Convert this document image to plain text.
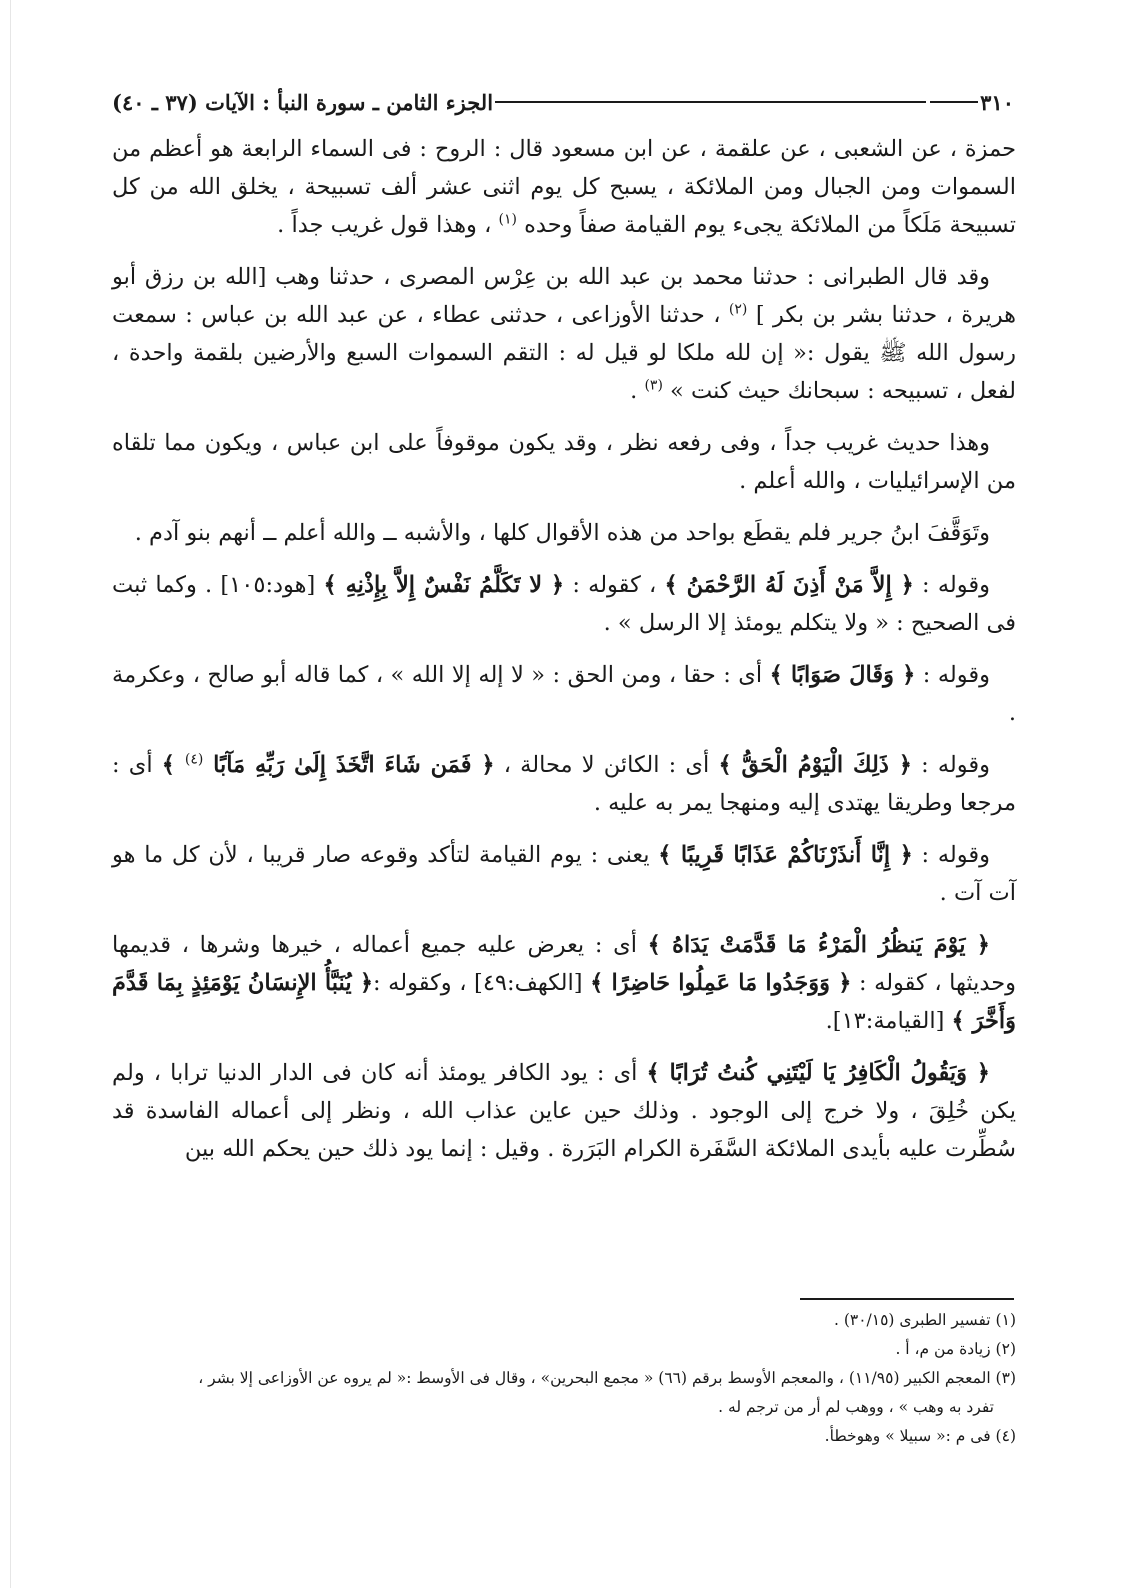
٣١٠
الجزء الثامن ـ سورة النبأ : الآيات (٣٧ ـ ٤٠)

حمزة ، عن الشعبى ، عن علقمة ، عن ابن مسعود قال : الروح : فى السماء الرابعة هو أعظم من السموات ومن الجبال ومن الملائكة ، يسبح كل يوم اثنى عشر ألف تسبيحة ، يخلق الله من كل تسبيحة مَلَكاً من الملائكة يجىء يوم القيامة صفاً وحده $^{(١)}$ ، وهذا قول غريب جداً .

وقد قال الطبرانى : حدثنا محمد بن عبد الله بن عِرْس المصرى ، حدثنا وهب [الله بن رزق أبو هريرة ، حدثنا بشر بن بكر ] $^{(٢)}$ ، حدثنا الأوزاعى ، حدثنى عطاء ، عن عبد الله بن عباس : سمعت رسول الله ﷺ يقول :« إن لله ملكا لو قيل له : التقم السموات السبع والأرضين بلقمة واحدة ، لفعل ، تسبيحه : سبحانك حيث كنت » $^{(٣)}$ .

وهذا حديث غريب جداً ، وفى رفعه نظر ، وقد يكون موقوفاً على ابن عباس ، ويكون مما تلقاه من الإسرائيليات ، والله أعلم .

وتَوَقَّفَ ابنُ جرير فلم يقطَع بواحد من هذه الأقوال كلها ، والأشبه ــ والله أعلم ــ أنهم بنو آدم .

وقوله : ﴿ إِلاَّ مَنْ أَذِنَ لَهُ الرَّحْمَنُ ﴾ ، كقوله : ﴿ لا تَكَلَّمُ نَفْسٌ إِلاَّ بِإِذْنِهِ ﴾ [هود:١٠٥] . وكما ثبت فى الصحيح : « ولا يتكلم يومئذ إلا الرسل » .

وقوله : ﴿ وَقَالَ صَوَابًا ﴾ أى : حقا ، ومن الحق : « لا إله إلا الله » ، كما قاله أبو صالح ، وعكرمة .

وقوله : ﴿ ذَلِكَ الْيَوْمُ الْحَقُّ ﴾ أى : الكائن لا محالة ، ﴿ فَمَن شَاءَ اتَّخَذَ إِلَىٰ رَبِّهِ مَآبًا $^{(٤)}$ ﴾ أى : مرجعا وطريقا يهتدى إليه ومنهجا يمر به عليه .

وقوله : ﴿ إِنَّا أَنذَرْنَاكُمْ عَذَابًا قَرِيبًا ﴾ يعنى : يوم القيامة لتأكد وقوعه صار قريبا ، لأن كل ما هو آت آت .

﴿ يَوْمَ يَنظُرُ الْمَرْءُ مَا قَدَّمَتْ يَدَاهُ ﴾ أى : يعرض عليه جميع أعماله ، خيرها وشرها ، قديمها وحديثها ، كقوله : ﴿ وَوَجَدُوا مَا عَمِلُوا حَاضِرًا ﴾ [الكهف:٤٩] ، وكقوله :﴿ يُنَبَّأُ الإِنسَانُ يَوْمَئِذٍ بِمَا قَدَّمَ وَأَخَّرَ ﴾ [القيامة:١٣].

﴿ وَيَقُولُ الْكَافِرُ يَا لَيْتَنِي كُنتُ تُرَابًا ﴾ أى : يود الكافر يومئذ أنه كان فى الدار الدنيا ترابا ، ولم يكن خُلِقَ ، ولا خرج إلى الوجود . وذلك حين عاين عذاب الله ، ونظر إلى أعماله الفاسدة قد سُطِّرت عليه بأيدى الملائكة السَّفَرة الكرام البَرَرة . وقيل : إنما يود ذلك حين يحكم الله بين

(١) تفسير الطبرى (٣٠/١٥) .

(٢) زيادة من م، أ .

(٣) المعجم الكبير (١١/٩٥) ، والمعجم الأوسط برقم (٦٦) « مجمع البحرين» ، وقال فى الأوسط :« لم يروه عن الأوزاعى إلا بشر ،

تفرد به وهب » ، ووهب لم أر من ترجم له .

(٤) فى م :« سبيلا » وهوخطأ.
